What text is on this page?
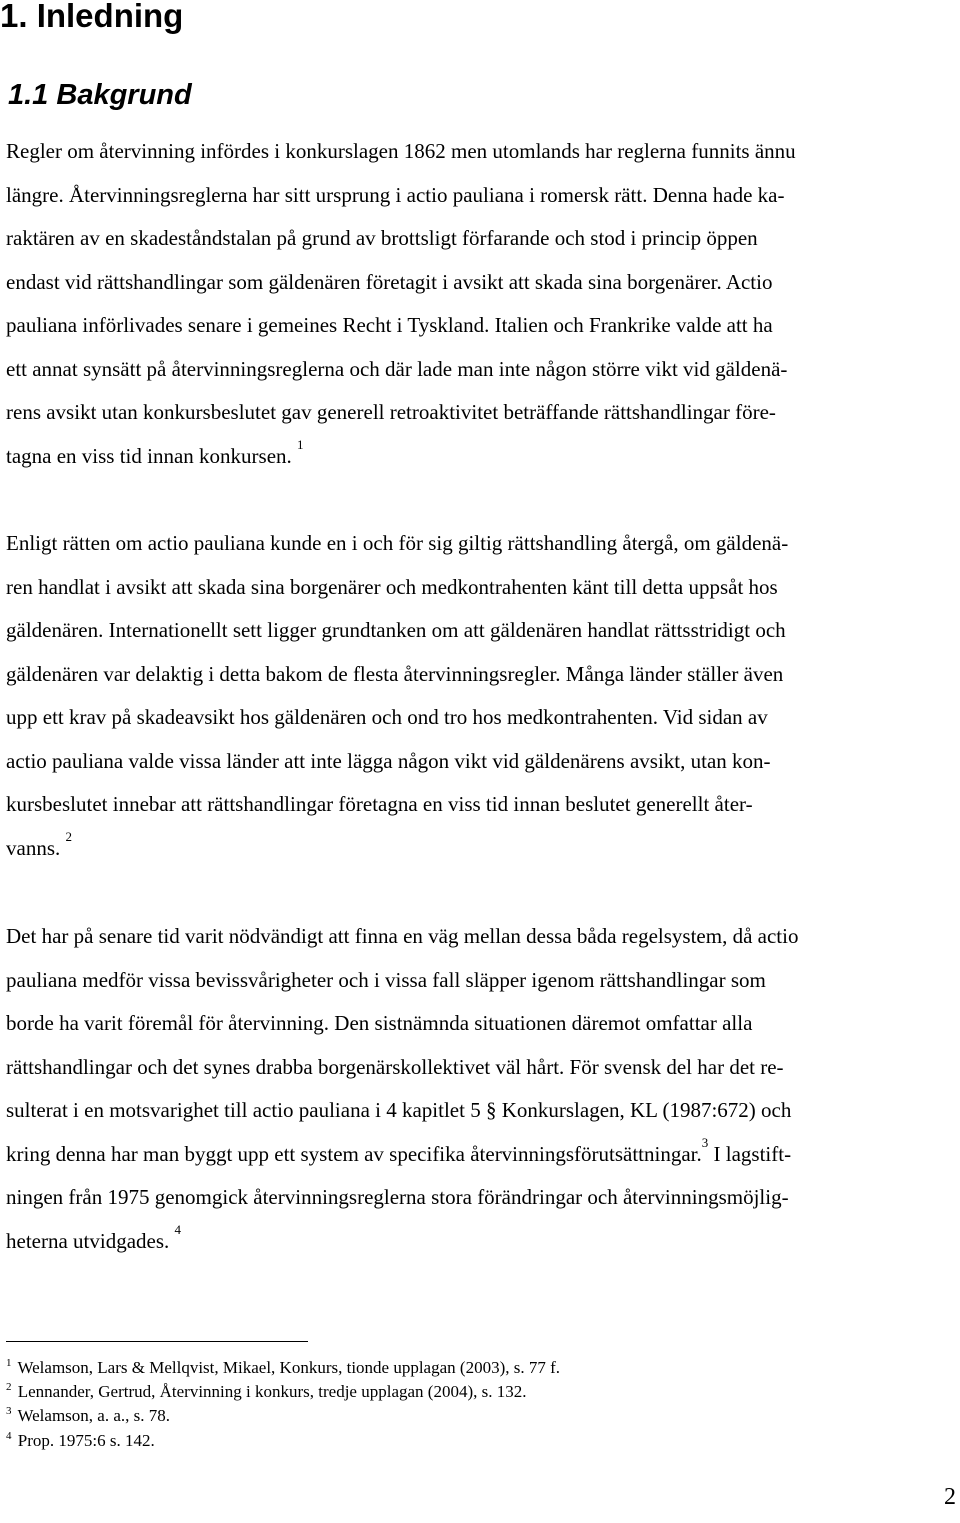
1. Inledning
1.1 Bakgrund
Regler om återvinning infördes i konkurslagen 1862 men utomlands har reglerna funnits ännu
längre. Återvinningsreglerna har sitt ursprung i actio pauliana i romersk rätt. Denna hade ka-
raktären av en skadeståndstalan på grund av brottsligt förfarande och stod i princip öppen
endast vid rättshandlingar som gäldenären företagit i avsikt att skada sina borgenärer. Actio
pauliana införlivades senare i gemeines Recht i Tyskland. Italien och Frankrike valde att ha
ett annat synsätt på återvinningsreglerna och där lade man inte någon större vikt vid gäldenä-
rens avsikt utan konkursbeslutet gav generell retroaktivitet beträffande rättshandlingar före-
tagna en viss tid innan konkursen. $^1$
Enligt rätten om actio pauliana kunde en i och för sig giltig rättshandling återgå, om gäldenä-
ren handlat i avsikt att skada sina borgenärer och medkontrahenten känt till detta uppsåt hos
gäldenären. Internationellt sett ligger grundtanken om att gäldenären handlat rättsstridigt och
gäldenären var delaktig i detta bakom de flesta återvinningsregler. Många länder ställer även
upp ett krav på skadeavsikt hos gäldenären och ond tro hos medkontrahenten. Vid sidan av
actio pauliana valde vissa länder att inte lägga någon vikt vid gäldenärens avsikt, utan kon-
kursbeslutet innebar att rättshandlingar företagna en viss tid innan beslutet generellt åter-
vanns. $^2$
Det har på senare tid varit nödvändigt att finna en väg mellan dessa båda regelsystem, då actio
pauliana medför vissa bevissvårigheter och i vissa fall släpper igenom rättshandlingar som
borde ha varit föremål för återvinning. Den sistnämnda situationen däremot omfattar alla
rättshandlingar och det synes drabba borgenärskollektivet väl hårt. För svensk del har det re-
sulterat i en motsvarighet till actio pauliana i 4 kapitlet 5 § Konkurslagen, KL (1987:672) och
kring denna har man byggt upp ett system av specifika återvinningsförutsättningar.$^3$ I lagstift-
ningen från 1975 genomgick återvinningsreglerna stora förändringar och återvinningsmöjlig-
heterna utvidgades. $^4$
$^1$ Welamson, Lars & Mellqvist, Mikael, Konkurs, tionde upplagan (2003), s. 77 f.
$^2$ Lennander, Gertrud, Återvinning i konkurs, tredje upplagan (2004), s. 132.
$^3$ Welamson, a. a., s. 78.
$^4$ Prop. 1975:6 s. 142.
2
